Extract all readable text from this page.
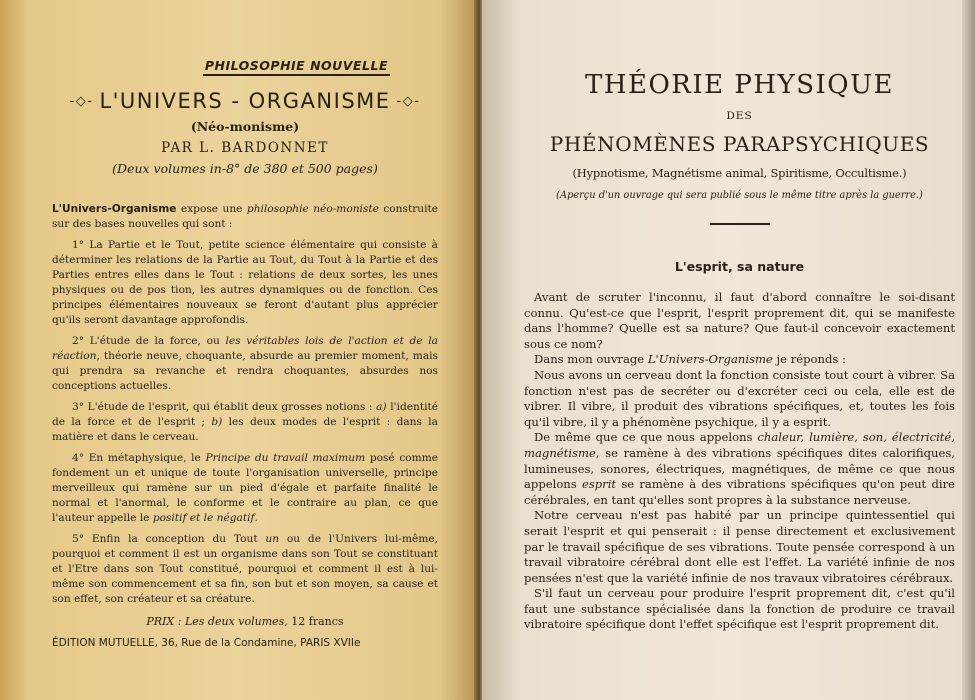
PHILOSOPHIE NOUVELLE
-◇- L'UNIVERS - ORGANISME -◇-
(Néo-monisme)
PAR L. BARDONNET
(Deux volumes in-8° de 380 et 500 pages)

L'Univers-Organisme expose une philosophie néo-moniste construite sur des bases nouvelles qui sont :

1° La Partie et le Tout, petite science élémentaire qui consiste à déterminer les relations de la Partie au Tout, du Tout à la Partie et des Parties entres elles dans le Tout : relations de deux sortes, les unes physiques ou de pos tion, les autres dynamiques ou de fonction. Ces principes élémentaires nouveaux se feront d'autant plus apprécier qu'ils seront davantage approfondis.

2° L'étude de la force, ou les véritables lois de l'action et de la réaction, théorie neuve, choquante, absurde au premier moment, mais qui prendra sa revanche et rendra choquantes, absurdes nos conceptions actuelles.

3° L'étude de l'esprit, qui établit deux grosses notions : a) l'identité de la force et de l'esprit ; b) les deux modes de l'esprit : dans la matière et dans le cerveau.

4° En métaphysique, le Principe du travail maximum posé comme fondement un et unique de toute l'organisation universelle, principe merveilleux qui ramène sur un pied d'égale et parfaite finalité le normal et l'anormal, le conforme et le contraire au plan, ce que l'auteur appelle le positif et le négatif.

5° Enfin la conception du Tout un ou de l'Univers lui-même, pourquoi et comment il est un organisme dans son Tout se constituant et l'Etre dans son Tout constitué, pourquoi et comment il est à lui-même son commencement et sa fin, son but et son moyen, sa cause et son effet, son créateur et sa créature.

PRIX : Les deux volumes, 12 francs
ÉDITION MUTUELLE, 36, Rue de la Condamine, PARIS XVIIe
THÉORIE PHYSIQUE
DES
PHÉNOMÈNES PARAPSYCHIQUES
(Hypnotisme, Magnétisme animal, Spiritisme, Occultisme.)
(Aperçu d'un ouvrage qui sera publié sous le même titre après la guerre.)
L'esprit, sa nature

Avant de scruter l'inconnu, il faut d'abord connaître le soi-disant connu. Qu'est-ce que l'esprit, l'esprit proprement dit, qui se manifeste dans l'homme? Quelle est sa nature? Que faut-il concevoir exactement sous ce nom?

Dans mon ouvrage L'Univers-Organisme je réponds :

Nous avons un cerveau dont la fonction consiste tout court à vibrer. Sa fonction n'est pas de secréter ou d'excréter ceci ou cela, elle est de vibrer. Il vibre, il produit des vibrations spécifiques, et, toutes les fois qu'il vibre, il y a phénomène psychique, il y a esprit.

De même que ce que nous appelons chaleur, lumière, son, électricité, magnétisme, se ramène à des vibrations spécifiques dites calorifiques, lumineuses, sonores, électriques, magnétiques, de même ce que nous appelons esprit se ramène à des vibrations spécifiques qu'on peut dire cérébrales, en tant qu'elles sont propres à la substance nerveuse.

Notre cerveau n'est pas habité par un principe quintessentiel qui serait l'esprit et qui penserait : il pense directement et exclusivement par le travail spécifique de ses vibrations. Toute pensée correspond à un travail vibratoire cérébral dont elle est l'effet. La variété infinie de nos pensées n'est que la variété infinie de nos travaux vibratoires cérébraux.

S'il faut un cerveau pour produire l'esprit proprement dit, c'est qu'il faut une substance spécialisée dans la fonction de produire ce travail vibratoire spécifique dont l'effet spécifique est l'esprit proprement dit.
